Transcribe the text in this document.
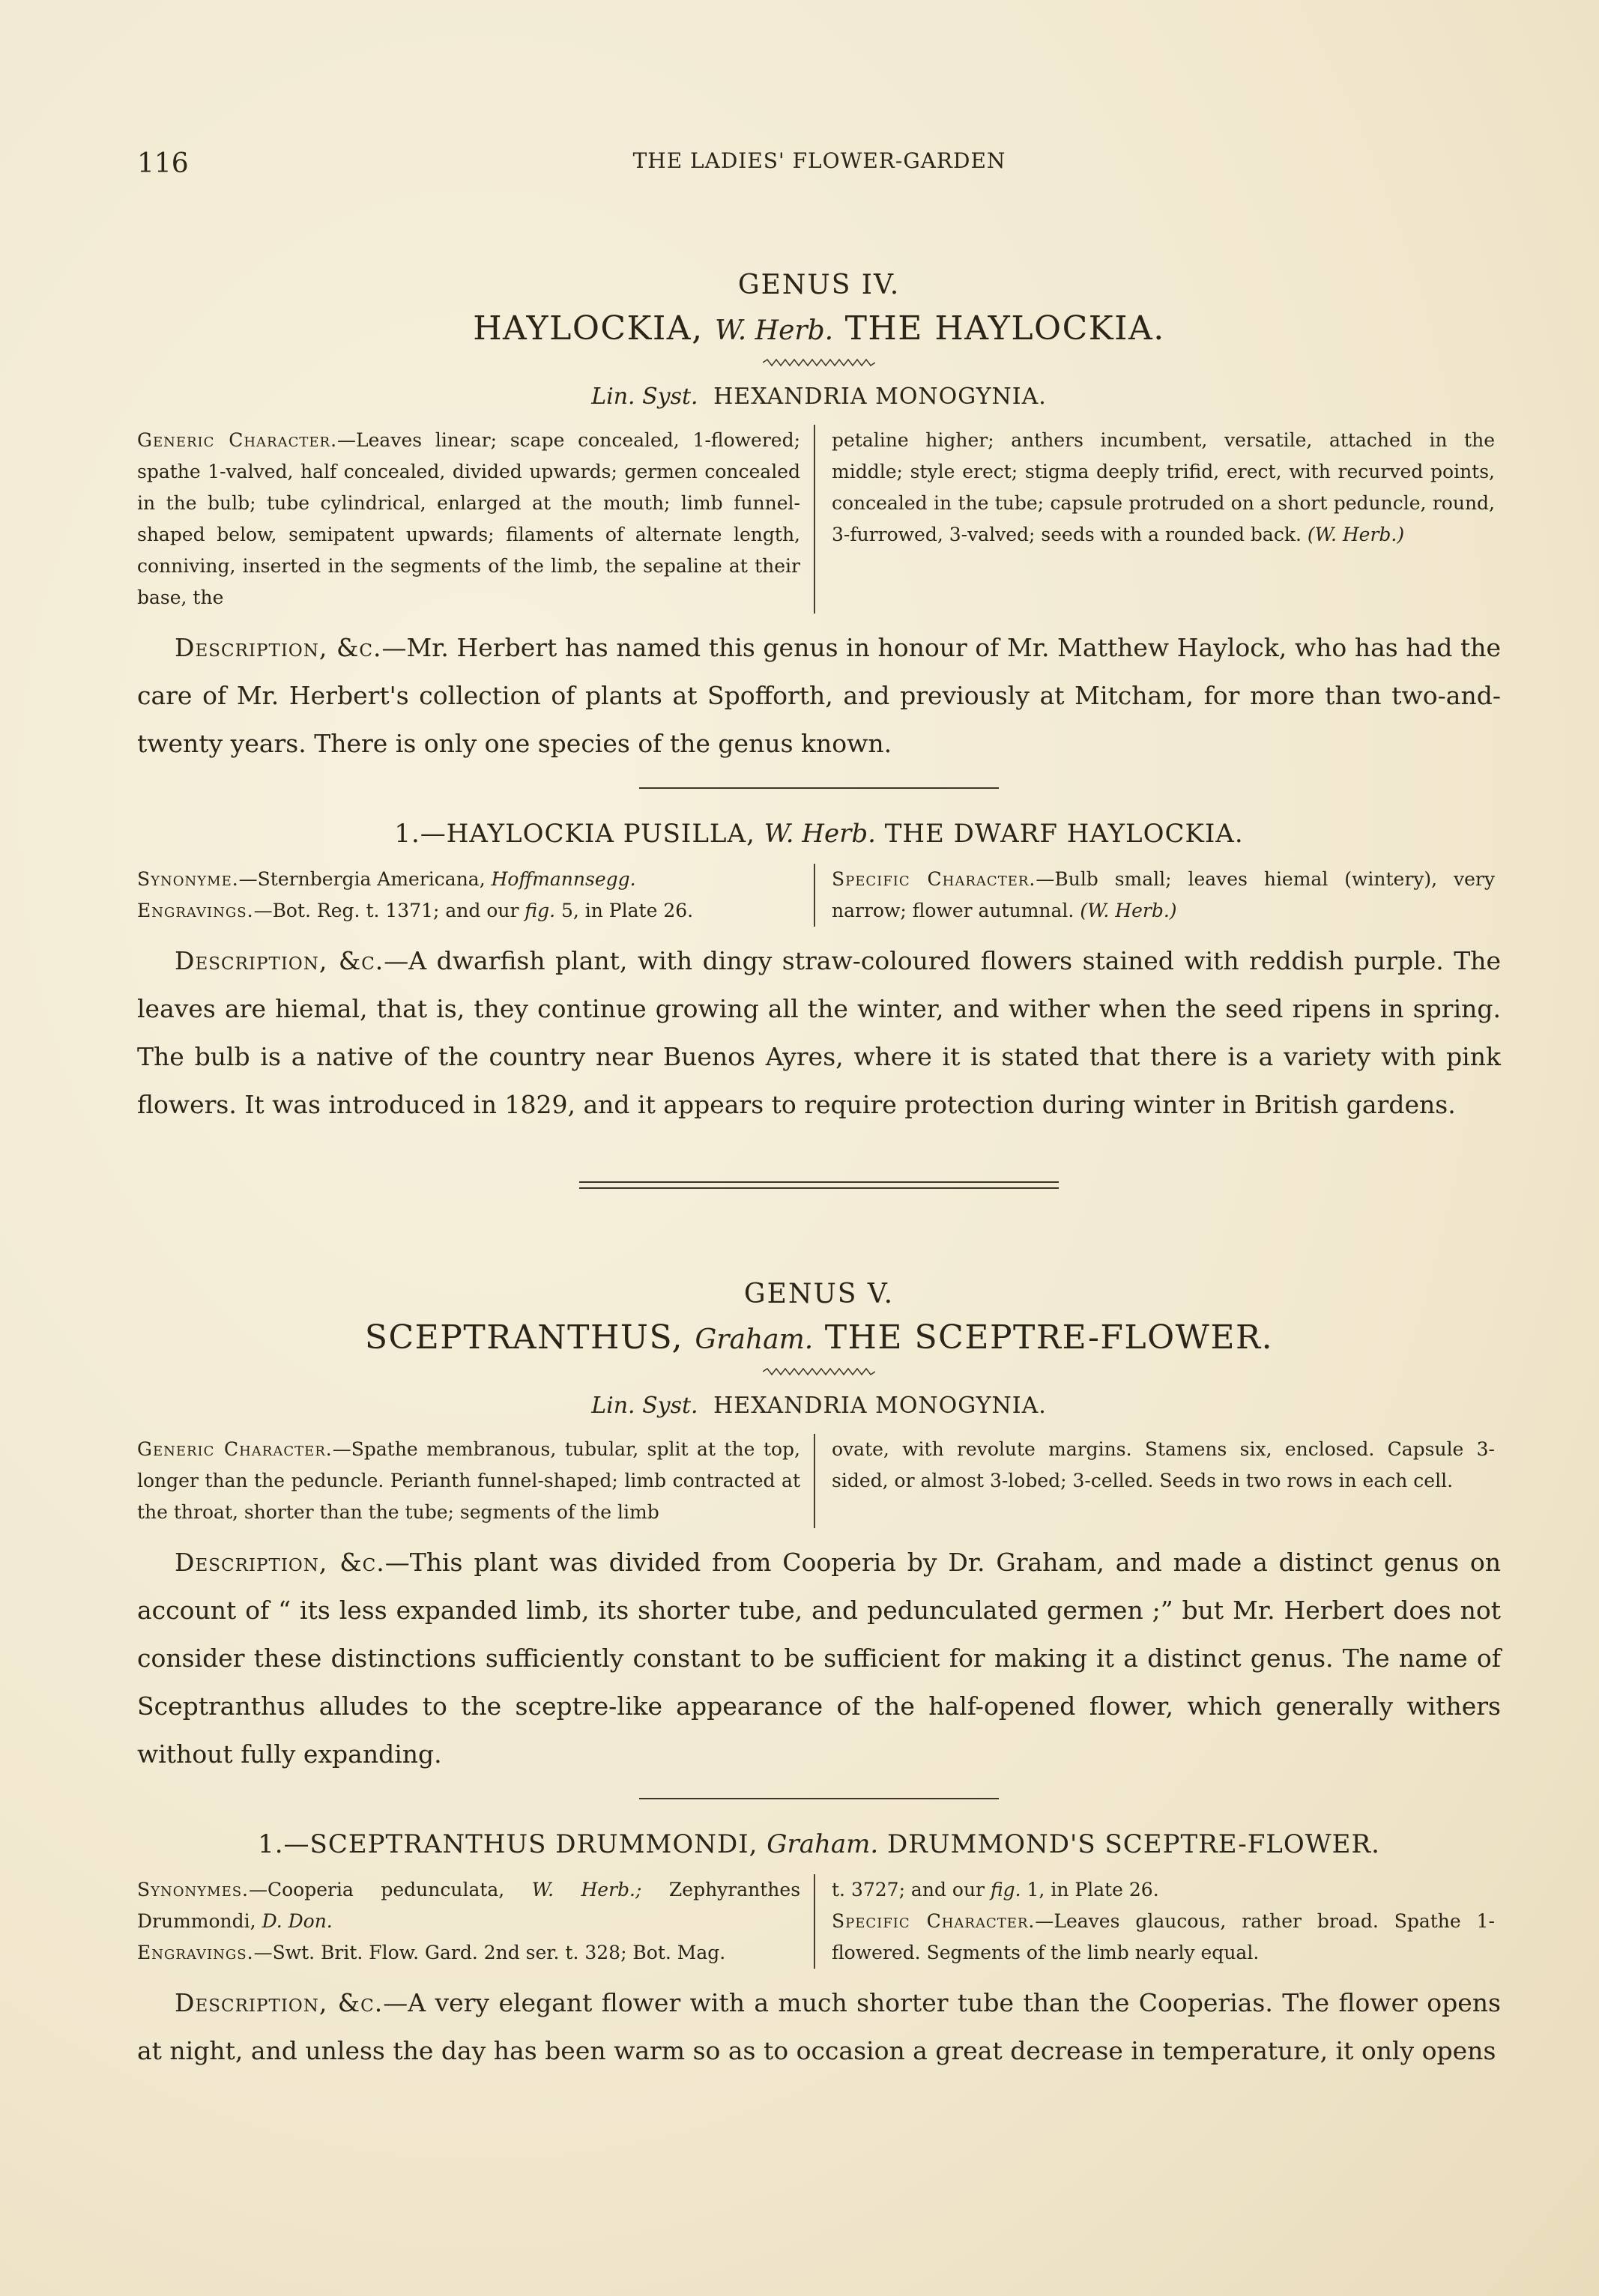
116	THE LADIES' FLOWER-GARDEN

GENUS IV.

HAYLOCKIA, W. Herb. THE HAYLOCKIA.

Lin. Syst. HEXANDRIA MONOGYNIA.
Generic Character.—Leaves linear; scape concealed, 1-flowered; spathe 1-valved, half concealed, divided upwards; germen concealed in the bulb; tube cylindrical, enlarged at the mouth; limb funnel-shaped below, semipatent upwards; filaments of alternate length, conniving, inserted in the segments of the limb, the sepaline at their base, the
petaline higher; anthers incumbent, versatile, attached in the middle; style erect; stigma deeply trifid, erect, with recurved points, concealed in the tube; capsule protruded on a short peduncle, round, 3-furrowed, 3-valved; seeds with a rounded back. (W. Herb.)

Description, &c.—Mr. Herbert has named this genus in honour of Mr. Matthew Haylock, who has had the care of Mr. Herbert's collection of plants at Spofforth, and previously at Mitcham, for more than two-and-twenty years. There is only one species of the genus known.

1.—HAYLOCKIA PUSILLA, W. Herb. THE DWARF HAYLOCKIA.
Synonyme.—Sternbergia Americana, Hoffmannsegg.
Engravings.—Bot. Reg. t. 1371; and our fig. 5, in Plate 26.
Specific Character.—Bulb small; leaves hiemal (wintery), very narrow; flower autumnal. (W. Herb.)

Description, &c.—A dwarfish plant, with dingy straw-coloured flowers stained with reddish purple. The leaves are hiemal, that is, they continue growing all the winter, and wither when the seed ripens in spring. The bulb is a native of the country near Buenos Ayres, where it is stated that there is a variety with pink flowers. It was introduced in 1829, and it appears to require protection during winter in British gardens.

GENUS V.

SCEPTRANTHUS, Graham. THE SCEPTRE-FLOWER.

Lin. Syst. HEXANDRIA MONOGYNIA.
Generic Character.—Spathe membranous, tubular, split at the top, longer than the peduncle. Perianth funnel-shaped; limb contracted at the throat, shorter than the tube; segments of the limb
ovate, with revolute margins. Stamens six, enclosed. Capsule 3-sided, or almost 3-lobed; 3-celled. Seeds in two rows in each cell.

Description, &c.—This plant was divided from Cooperia by Dr. Graham, and made a distinct genus on account of “ its less expanded limb, its shorter tube, and pedunculated germen ;” but Mr. Herbert does not consider these distinctions sufficiently constant to be sufficient for making it a distinct genus. The name of Sceptranthus alludes to the sceptre-like appearance of the half-opened flower, which generally withers without fully expanding.

1.—SCEPTRANTHUS DRUMMONDI, Graham. DRUMMOND'S SCEPTRE-FLOWER.
Synonymes.—Cooperia pedunculata, W. Herb.; Zephyranthes Drummondi, D. Don.
Engravings.—Swt. Brit. Flow. Gard. 2nd ser. t. 328; Bot. Mag.
t. 3727; and our fig. 1, in Plate 26.
Specific Character.—Leaves glaucous, rather broad. Spathe 1-flowered. Segments of the limb nearly equal.

Description, &c.—A very elegant flower with a much shorter tube than the Cooperias. The flower opens at night, and unless the day has been warm so as to occasion a great decrease in temperature, it only opens
